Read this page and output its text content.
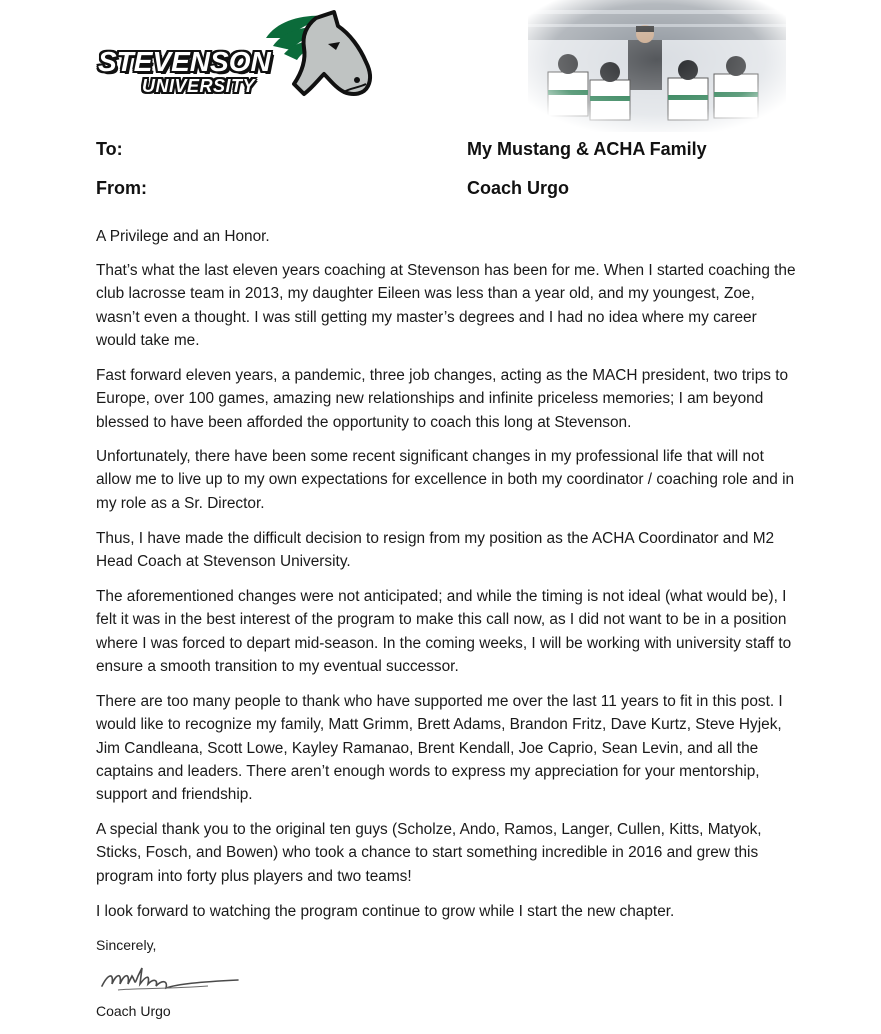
STEVENSON
UNIVERSITY
To:	My Mustang & ACHA Family
From:	Coach Urgo

A Privilege and an Honor.

That’s what the last eleven years coaching at Stevenson has been for me. When I started coaching the club lacrosse team in 2013, my daughter Eileen was less than a year old, and my youngest, Zoe, wasn’t even a thought. I was still getting my master’s degrees and I had no idea where my career would take me.

Fast forward eleven years, a pandemic, three job changes, acting as the MACH president, two trips to Europe, over 100 games, amazing new relationships and infinite priceless memories; I am beyond blessed to have been afforded the opportunity to coach this long at Stevenson.

Unfortunately, there have been some recent significant changes in my professional life that will not allow me to live up to my own expectations for excellence in both my coordinator / coaching role and in my role as a Sr. Director.

Thus, I have made the difficult decision to resign from my position as the ACHA Coordinator and M2 Head Coach at Stevenson University.

The aforementioned changes were not anticipated; and while the timing is not ideal (what would be), I felt it was in the best interest of the program to make this call now, as I did not want to be in a position where I was forced to depart mid-season. In the coming weeks, I will be working with university staff to ensure a smooth transition to my eventual successor.

There are too many people to thank who have supported me over the last 11 years to fit in this post. I would like to recognize my family, Matt Grimm, Brett Adams, Brandon Fritz, Dave Kurtz, Steve Hyjek, Jim Candleana, Scott Lowe, Kayley Ramanao, Brent Kendall, Joe Caprio, Sean Levin, and all the captains and leaders. There aren’t enough words to express my appreciation for your mentorship, support and friendship.

A special thank you to the original ten guys (Scholze, Ando, Ramos, Langer, Cullen, Kitts, Matyok, Sticks, Fosch, and Bowen) who took a chance to start something incredible in 2016 and grew this program into forty plus players and two teams!

I look forward to watching the program continue to grow while I start the new chapter.

Sincerely,

Coach Urgo
